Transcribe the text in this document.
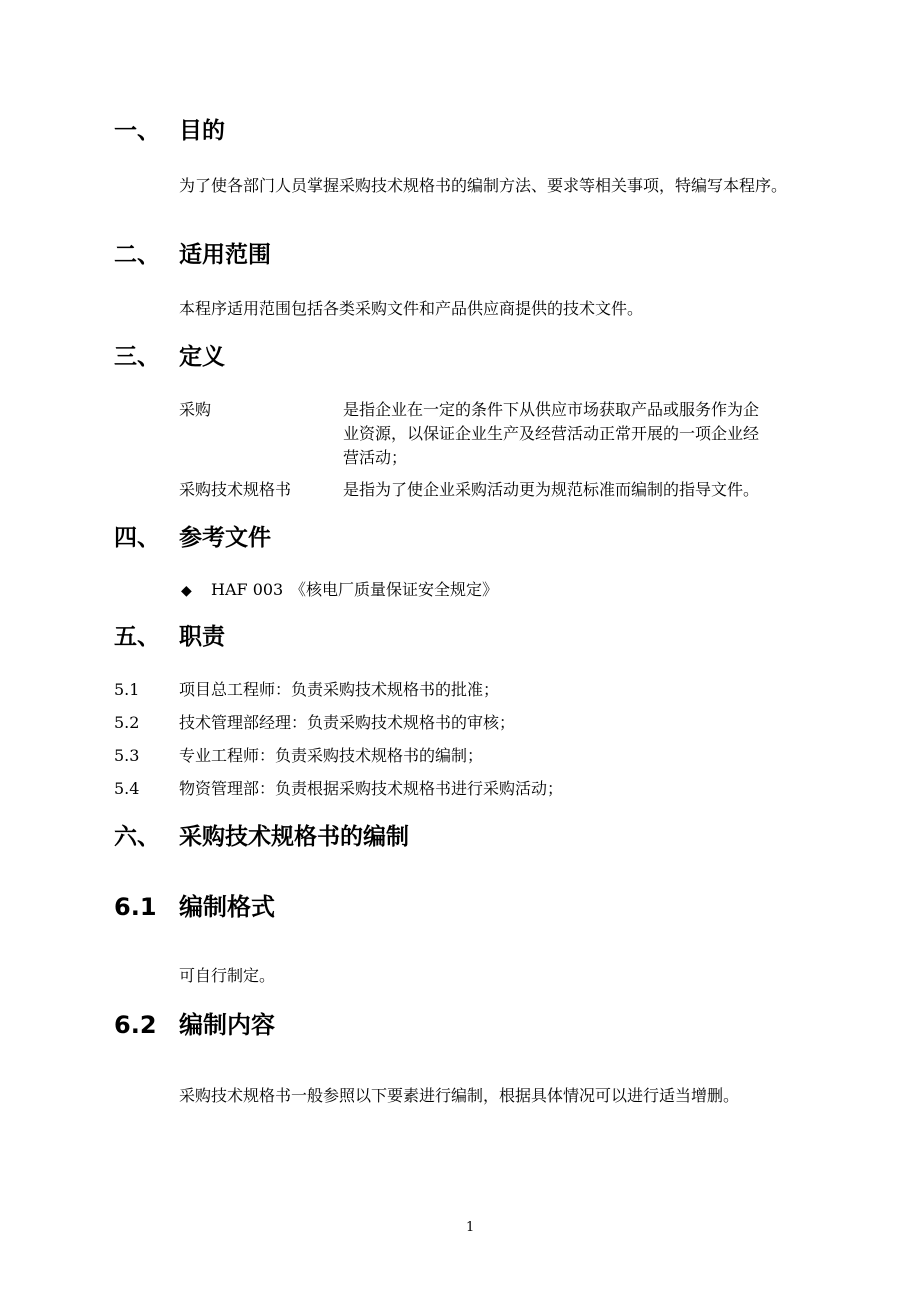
一、 目的
为了使各部门人员掌握采购技术规格书的编制方法、要求等相关事项，特编写本程序。
二、 适用范围
本程序适用范围包括各类采购文件和产品供应商提供的技术文件。
三、 定义
采购	是指企业在一定的条件下从供应市场获取产品或服务作为企
业资源，以保证企业生产及经营活动正常开展的一项企业经
营活动；
采购技术规格书	是指为了使企业采购活动更为规范标准而编制的指导文件。
四、 参考文件
◆ HAF 003 《核电厂质量保证安全规定》
五、 职责
5.1 项目总工程师：负责采购技术规格书的批准；
5.2 技术管理部经理：负责采购技术规格书的审核；
5.3 专业工程师：负责采购技术规格书的编制；
5.4 物资管理部：负责根据采购技术规格书进行采购活动；
六、 采购技术规格书的编制
6.1 编制格式
可自行制定。
6.2 编制内容
采购技术规格书一般参照以下要素进行编制，根据具体情况可以进行适当增删。
1
